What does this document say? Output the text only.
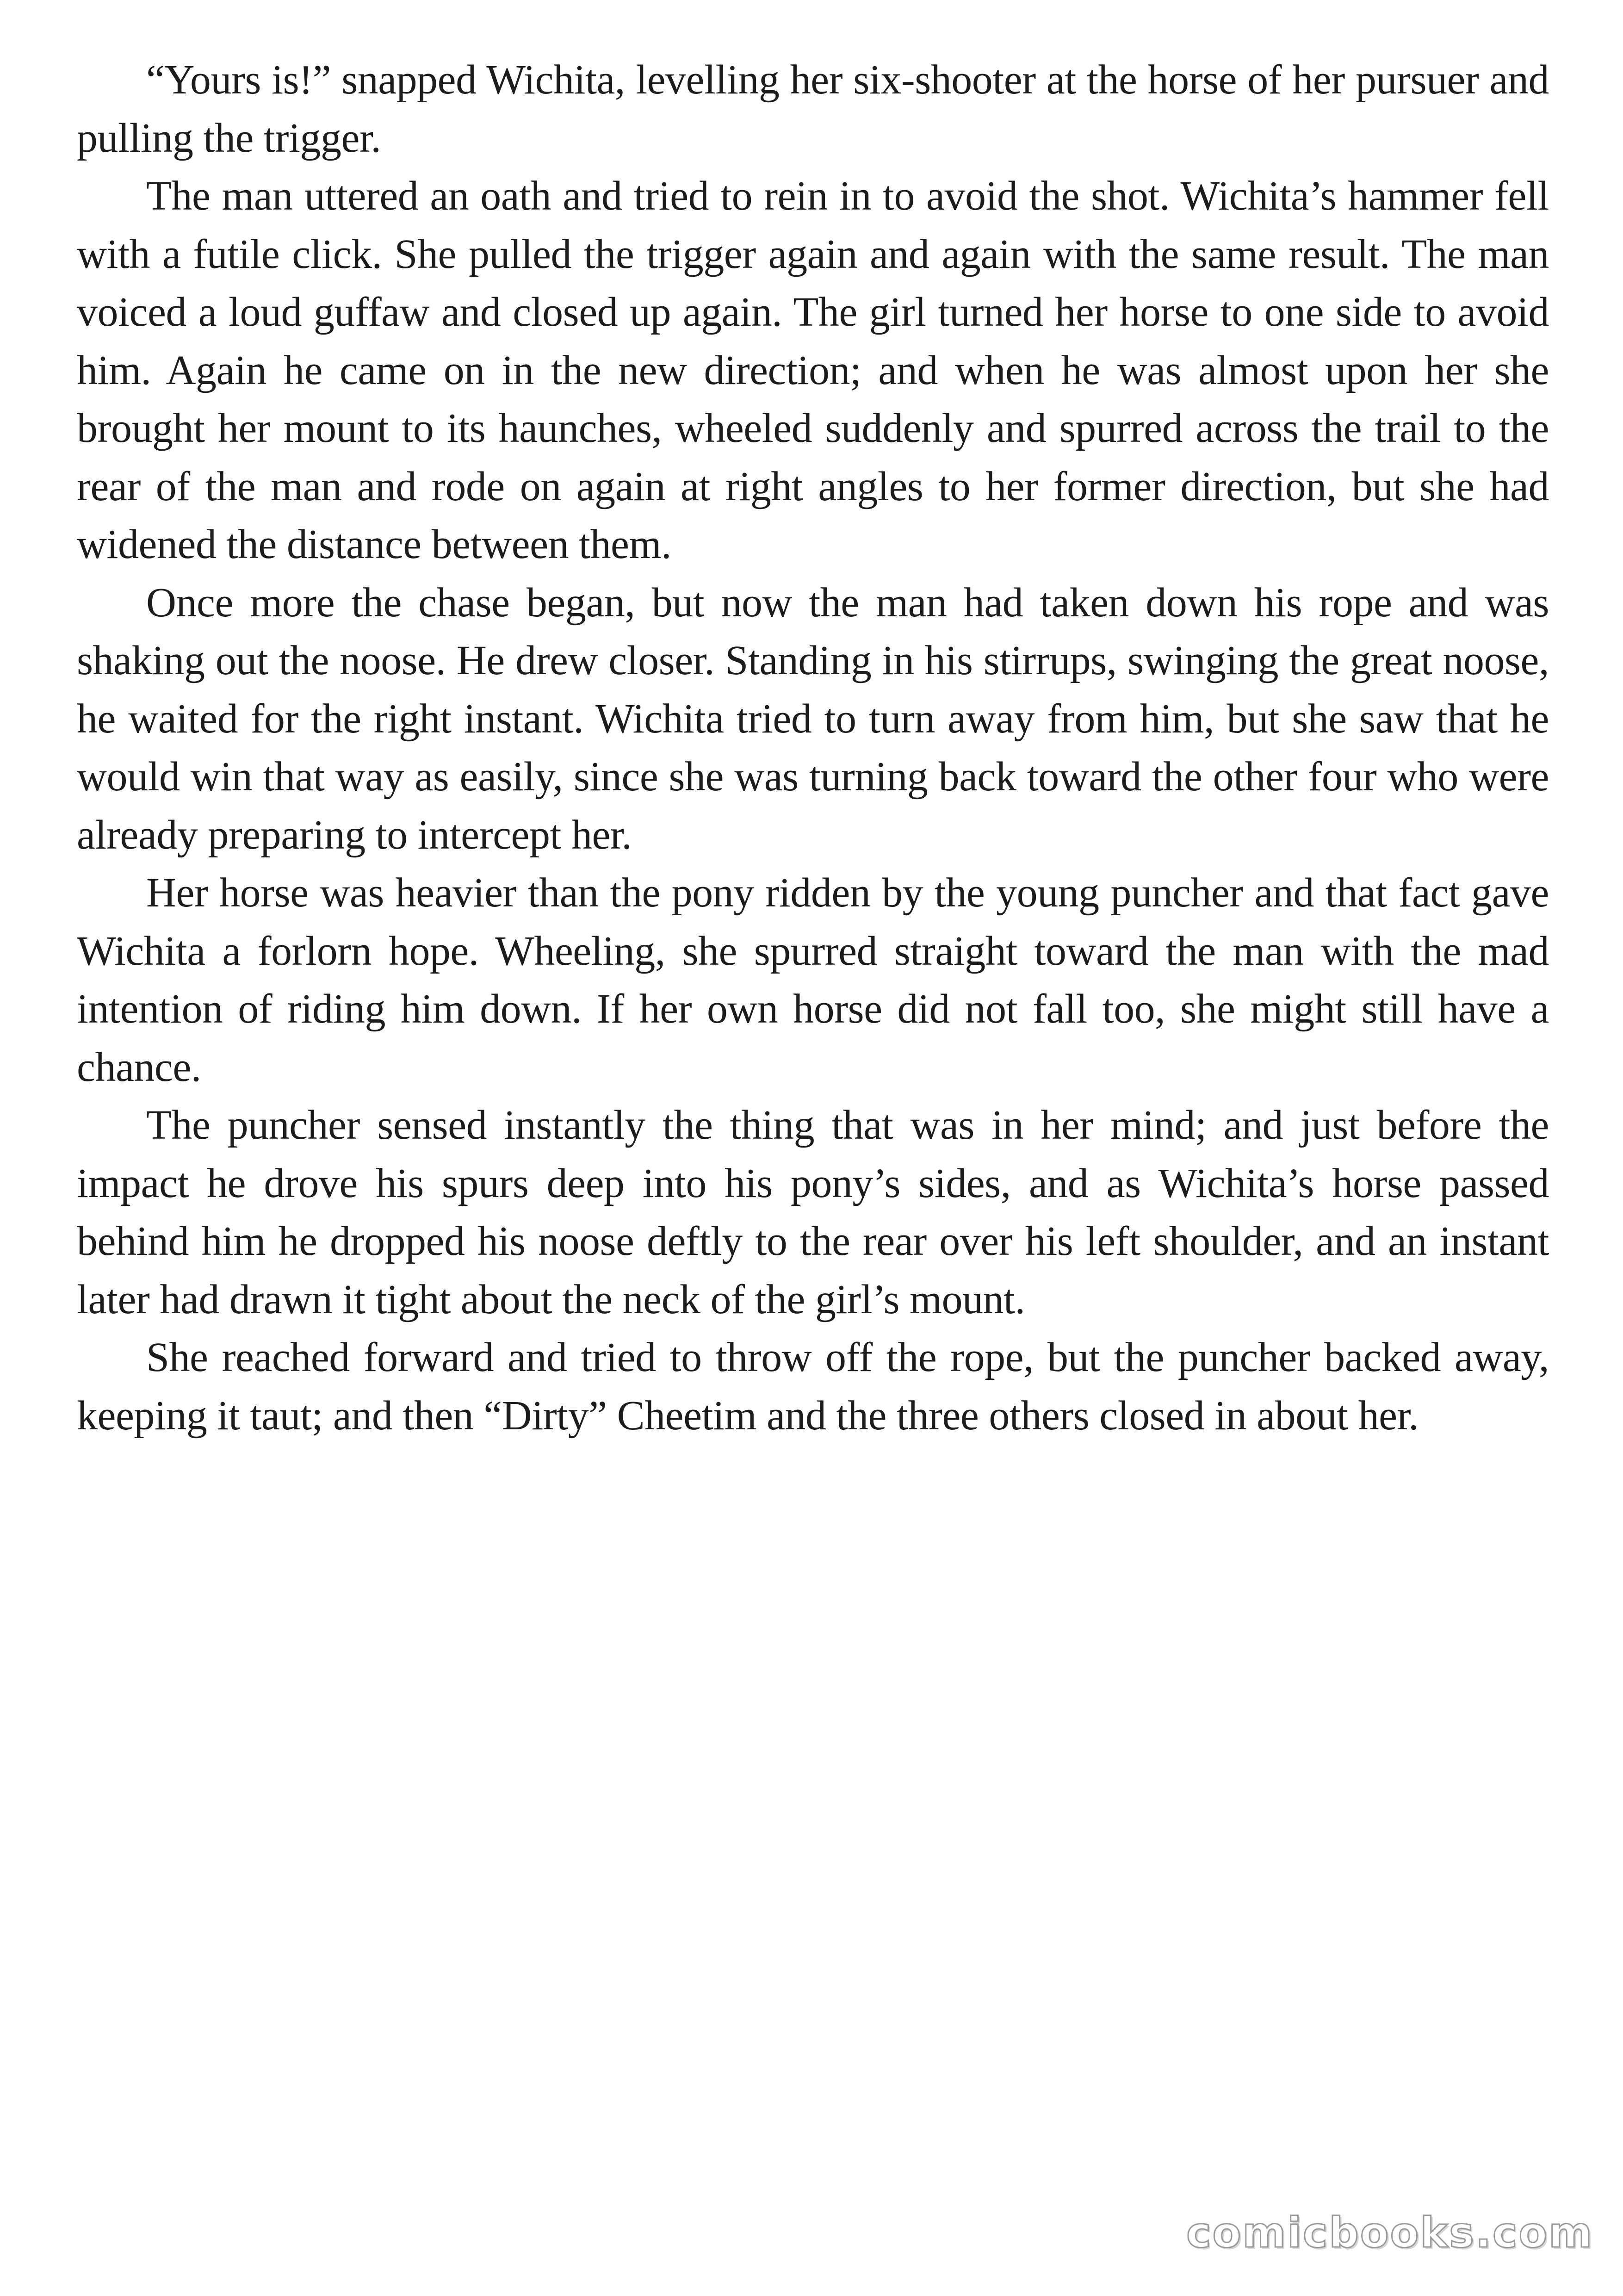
“Yours is!” snapped Wichita, levelling her six-shooter at the horse of her pursuer and pulling the trigger.

The man uttered an oath and tried to rein in to avoid the shot. Wichita’s hammer fell with a futile click. She pulled the trigger again and again with the same result. The man voiced a loud guffaw and closed up again. The girl turned her horse to one side to avoid him. Again he came on in the new direction; and when he was almost upon her she brought her mount to its haunches, wheeled suddenly and spurred across the trail to the rear of the man and rode on again at right angles to her former direction, but she had widened the distance between them.

Once more the chase began, but now the man had taken down his rope and was shaking out the noose. He drew closer. Standing in his stirrups, swinging the great noose, he waited for the right instant. Wichita tried to turn away from him, but she saw that he would win that way as easily, since she was turning back toward the other four who were already preparing to intercept her.

Her horse was heavier than the pony ridden by the young puncher and that fact gave Wichita a forlorn hope. Wheeling, she spurred straight toward the man with the mad intention of riding him down. If her own horse did not fall too, she might still have a chance.

The puncher sensed instantly the thing that was in her mind; and just before the impact he drove his spurs deep into his pony’s sides, and as Wichita’s horse passed behind him he dropped his noose deftly to the rear over his left shoulder, and an instant later had drawn it tight about the neck of the girl’s mount.

She reached forward and tried to throw off the rope, but the puncher backed away, keeping it taut; and then “Dirty” Cheetim and the three others closed in about her.

comicbooks.com
